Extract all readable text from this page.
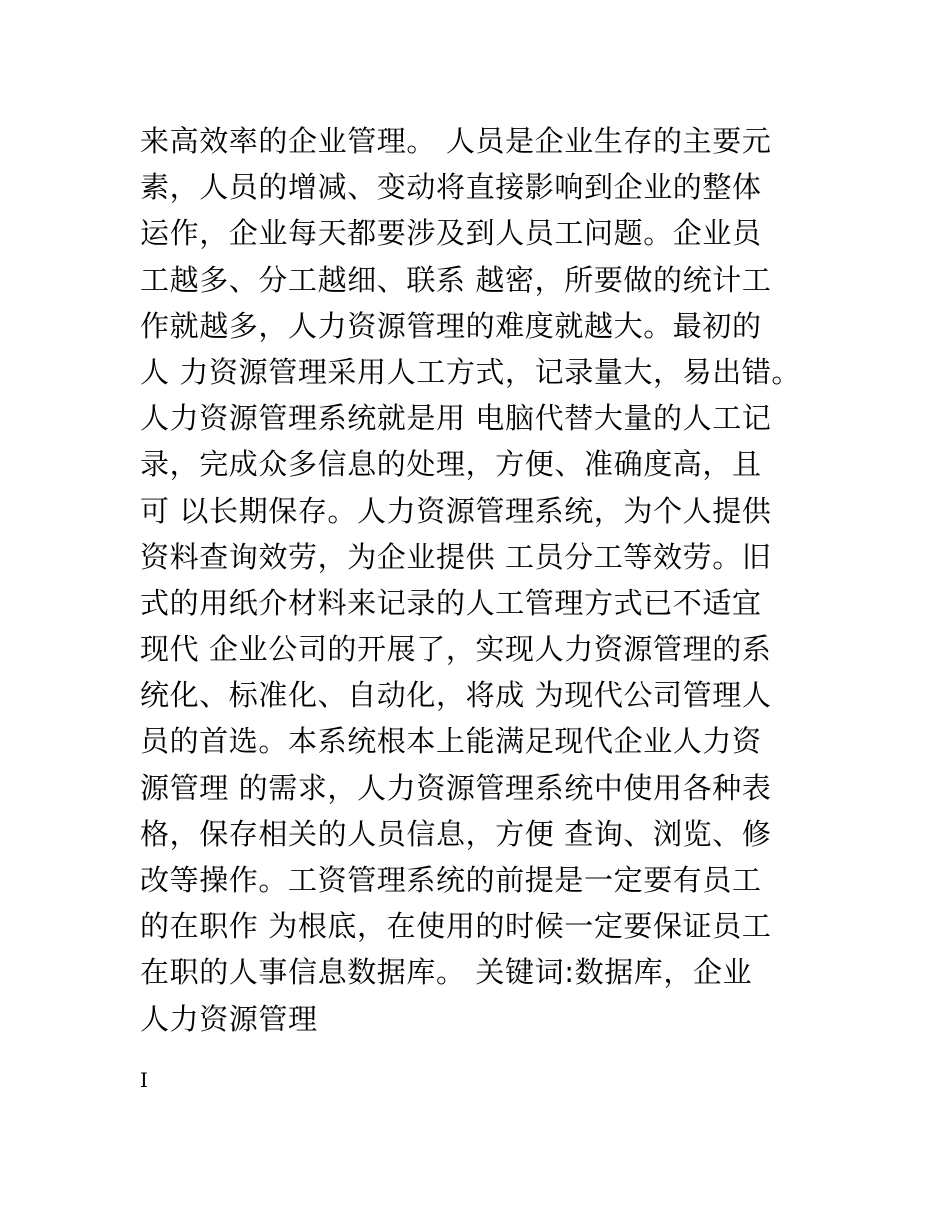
来高效率的企业管理。 人员是企业生存的主要元
素，人员的增减、变动将直接影响到企业的整体
运作，企业每天都要涉及到人员工问题。企业员
工越多、分工越细、联系 越密，所要做的统计工
作就越多，人力资源管理的难度就越大。最初的
人 力资源管理采用人工方式，记录量大，易出错。
人力资源管理系统就是用 电脑代替大量的人工记
录，完成众多信息的处理，方便、准确度高，且
可 以长期保存。人力资源管理系统，为个人提供
资料查询效劳，为企业提供 工员分工等效劳。旧
式的用纸介材料来记录的人工管理方式已不适宜
现代 企业公司的开展了，实现人力资源管理的系
统化、标准化、自动化，将成 为现代公司管理人
员的首选。本系统根本上能满足现代企业人力资
源管理 的需求，人力资源管理系统中使用各种表
格，保存相关的人员信息，方便 查询、浏览、修
改等操作。工资管理系统的前提是一定要有员工
的在职作 为根底，在使用的时候一定要保证员工
在职的人事信息数据库。 关键词:数据库，企业
人力资源管理
I
